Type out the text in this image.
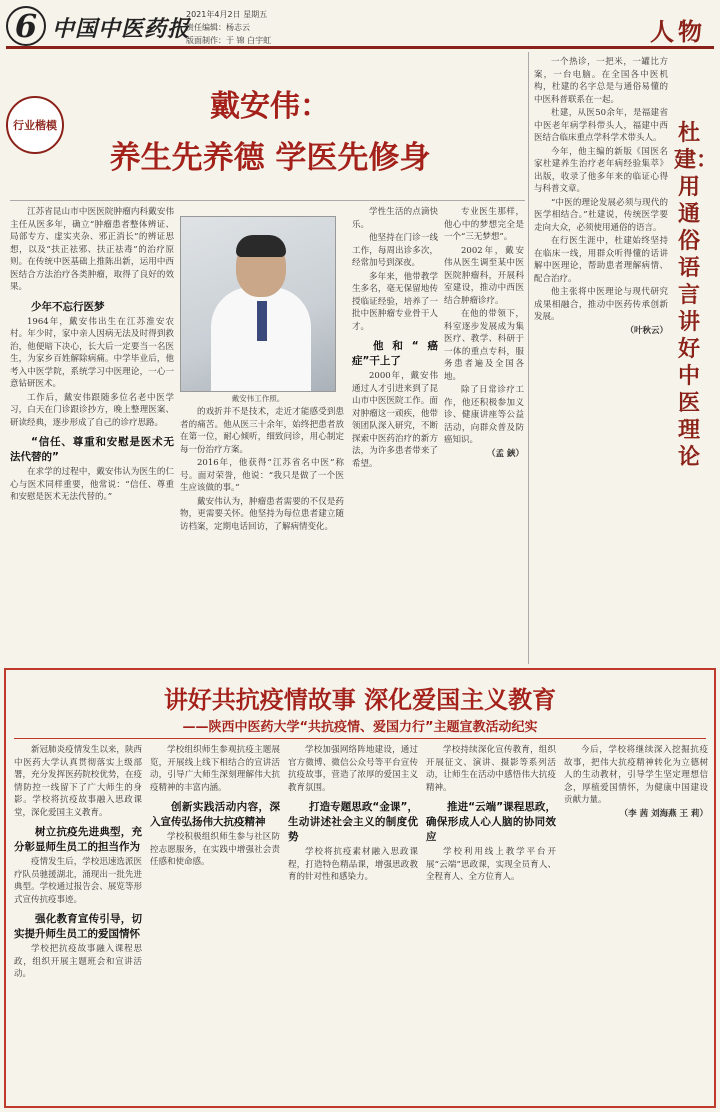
6 中国中医药报
2021年4月2日 星期五
责任编辑：杨志云
版面制作：于 锦 白宇虹	人物
行业楷模
戴安伟：
养生先养德 学医先修身

江苏省昆山市中医医院肿瘤内科戴安伟主任从医多年，确立“肿瘤患者整体辨证、局部专方、虚实夹杂、邪正消长”的辨证思想，以及“扶正祛邪、扶正祛毒”的治疗原则。在传统中医基础上推陈出新，运用中西医结合方法治疗各类肿瘤，取得了良好的效果。

少年不忘行医梦

1964年，戴安伟出生在江苏淮安农村。年少时，家中亲人因病无法及时得到救治，他便暗下决心，长大后一定要当一名医生，为家乡百姓解除病痛。中学毕业后，他考入中医学院，系统学习中医理论，一心一意钻研医术。

工作后，戴安伟跟随多位名老中医学习，白天在门诊跟诊抄方，晚上整理医案、研读经典，逐步形成了自己的诊疗思路。

“信任、尊重和安慰是医术无法代替的”

在求学的过程中，戴安伟认为医生的仁心与医术同样重要，他常说：“信任、尊重和安慰是医术无法代替的。”

戴安伟工作照。

的戏折并不是技术，走近才能感受到患者的痛苦。他从医三十余年，始终把患者放在第一位，耐心倾听，细致问诊，用心制定每一份治疗方案。

2016年，他获得“江苏省名中医”称号。面对荣誉，他说：“我只是做了一个医生应该做的事。”

戴安伟认为，肿瘤患者需要的不仅是药物，更需要关怀。他坚持为每位患者建立随访档案，定期电话回访，了解病情变化。

学性生活的点滴快乐。

他坚持在门诊一线工作，每周出诊多次，经常加号到深夜。

多年来，他带教学生多名，毫无保留地传授临证经验，培养了一批中医肿瘤专业骨干人才。

他和“癌症”干上了

2000年，戴安伟通过人才引进来到了昆山市中医医院工作。面对肿瘤这一顽疾，他带领团队深入研究，不断探索中医药治疗的新方法，为许多患者带来了希望。

专业医生那样，他心中的梦想完全是一个“三无梦想”。

2002年，戴安伟从医生调至某中医医院肿瘤科，开展科室建设，推动中西医结合肿瘤诊疗。

在他的带领下，科室逐步发展成为集医疗、教学、科研于一体的重点专科，服务患者遍及全国各地。

除了日常诊疗工作，他还积极参加义诊、健康讲座等公益活动，向群众普及防癌知识。

（孟 鋏）

一个热诊，一把米，一罐比方案，一台电脑。在全国各中医机构，杜建的名字总是与通俗易懂的中医科普联系在一起。

杜建，从医50余年，是福建省中医老年病学科带头人，福建中西医结合临床重点学科学术带头人。

今年，他主编的新版《国医名家杜建养生治疗老年病经验集萃》出版，收录了他多年来的临证心得与科普文章。

“中医的理论发展必须与现代的医学相结合。”杜建说，传统医学要走向大众，必须使用通俗的语言。

在行医生涯中，杜建始终坚持在临床一线，用群众听得懂的话讲解中医理论，帮助患者理解病情、配合治疗。

他主张将中医理论与现代研究成果相融合，推动中医药传承创新发展。

（叶秋云）

杜建：用通俗语言讲好中医理论
讲好共抗疫情故事 深化爱国主义教育
——陕西中医药大学“共抗疫情、爱国力行”主题宣教活动纪实

新冠肺炎疫情发生以来，陕西中医药大学认真贯彻落实上级部署，充分发挥医药院校优势，在疫情防控一线留下了广大师生的身影。学校将抗疫故事融入思政课堂，深化爱国主义教育。

树立抗疫先进典型，充分彰显师生员工的担当作为

疫情发生后，学校迅速选派医疗队员驰援湖北，涌现出一批先进典型。学校通过报告会、展览等形式宣传抗疫事迹。

强化教育宣传引导，切实提升师生员工的爱国情怀

学校把抗疫故事融入课程思政，组织开展主题班会和宣讲活动。

学校组织师生参观抗疫主题展览，开展线上线下相结合的宣讲活动，引导广大师生深刻理解伟大抗疫精神的丰富内涵。

创新实践活动内容，深入宣传弘扬伟大抗疫精神

学校积极组织师生参与社区防控志愿服务，在实践中增强社会责任感和使命感。

学校加强网络阵地建设，通过官方微博、微信公众号等平台宣传抗疫故事，营造了浓厚的爱国主义教育氛围。

打造专题思政“金课”，生动讲述社会主义的制度优势

学校将抗疫素材融入思政课程，打造特色精品课，增强思政教育的针对性和感染力。

学校持续深化宣传教育，组织开展征文、演讲、摄影等系列活动，让师生在活动中感悟伟大抗疫精神。

推进“云端”课程思政，确保形成人心人脑的协同效应

学校利用线上教学平台开展“云端”思政课，实现全员育人、全程育人、全方位育人。

今后，学校将继续深入挖掘抗疫故事，把伟大抗疫精神转化为立德树人的生动教材，引导学生坚定理想信念，厚植爱国情怀，为健康中国建设贡献力量。

（李 茜 刘海燕 王 莉）
